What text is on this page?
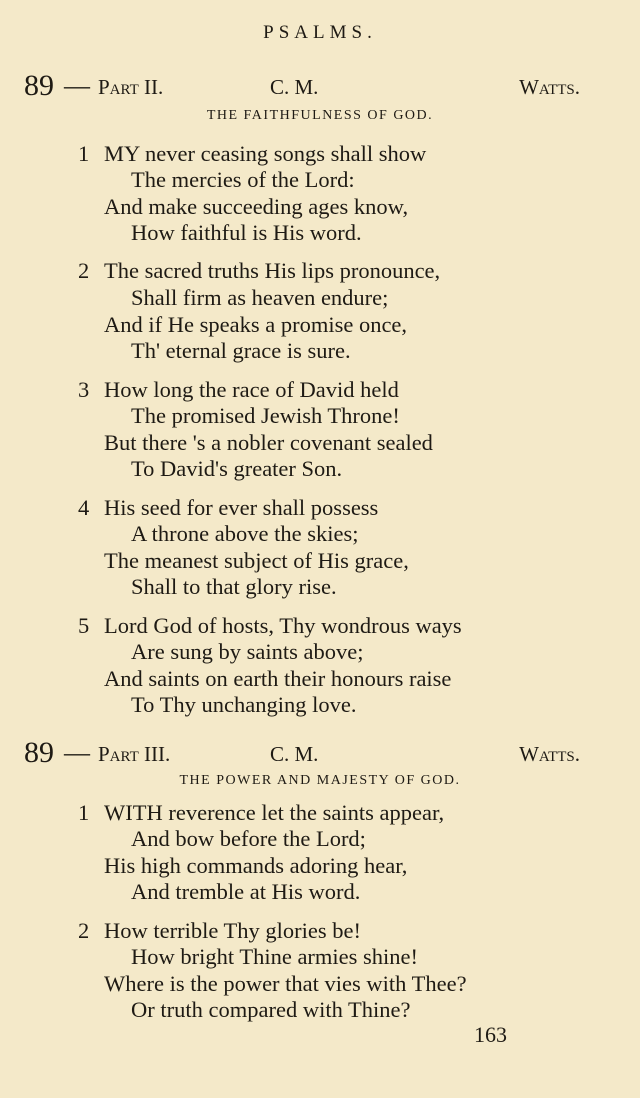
PSALMS.
89 — Part II.	C. M.	Watts.
THE FAITHFULNESS OF GOD.
1 MY never ceasing songs shall show
The mercies of the Lord:
And make succeeding ages know,
How faithful is His word.
2 The sacred truths His lips pronounce,
Shall firm as heaven endure;
And if He speaks a promise once,
Th' eternal grace is sure.
3 How long the race of David held
The promised Jewish Throne!
But there 's a nobler covenant sealed
To David's greater Son.
4 His seed for ever shall possess
A throne above the skies;
The meanest subject of His grace,
Shall to that glory rise.
5 Lord God of hosts, Thy wondrous ways
Are sung by saints above;
And saints on earth their honours raise
To Thy unchanging love.
89 — Part III.	C. M.	Watts.
THE POWER AND MAJESTY OF GOD.
1 WITH reverence let the saints appear,
And bow before the Lord;
His high commands adoring hear,
And tremble at His word.
2 How terrible Thy glories be!
How bright Thine armies shine!
Where is the power that vies with Thee?
Or truth compared with Thine?
163
